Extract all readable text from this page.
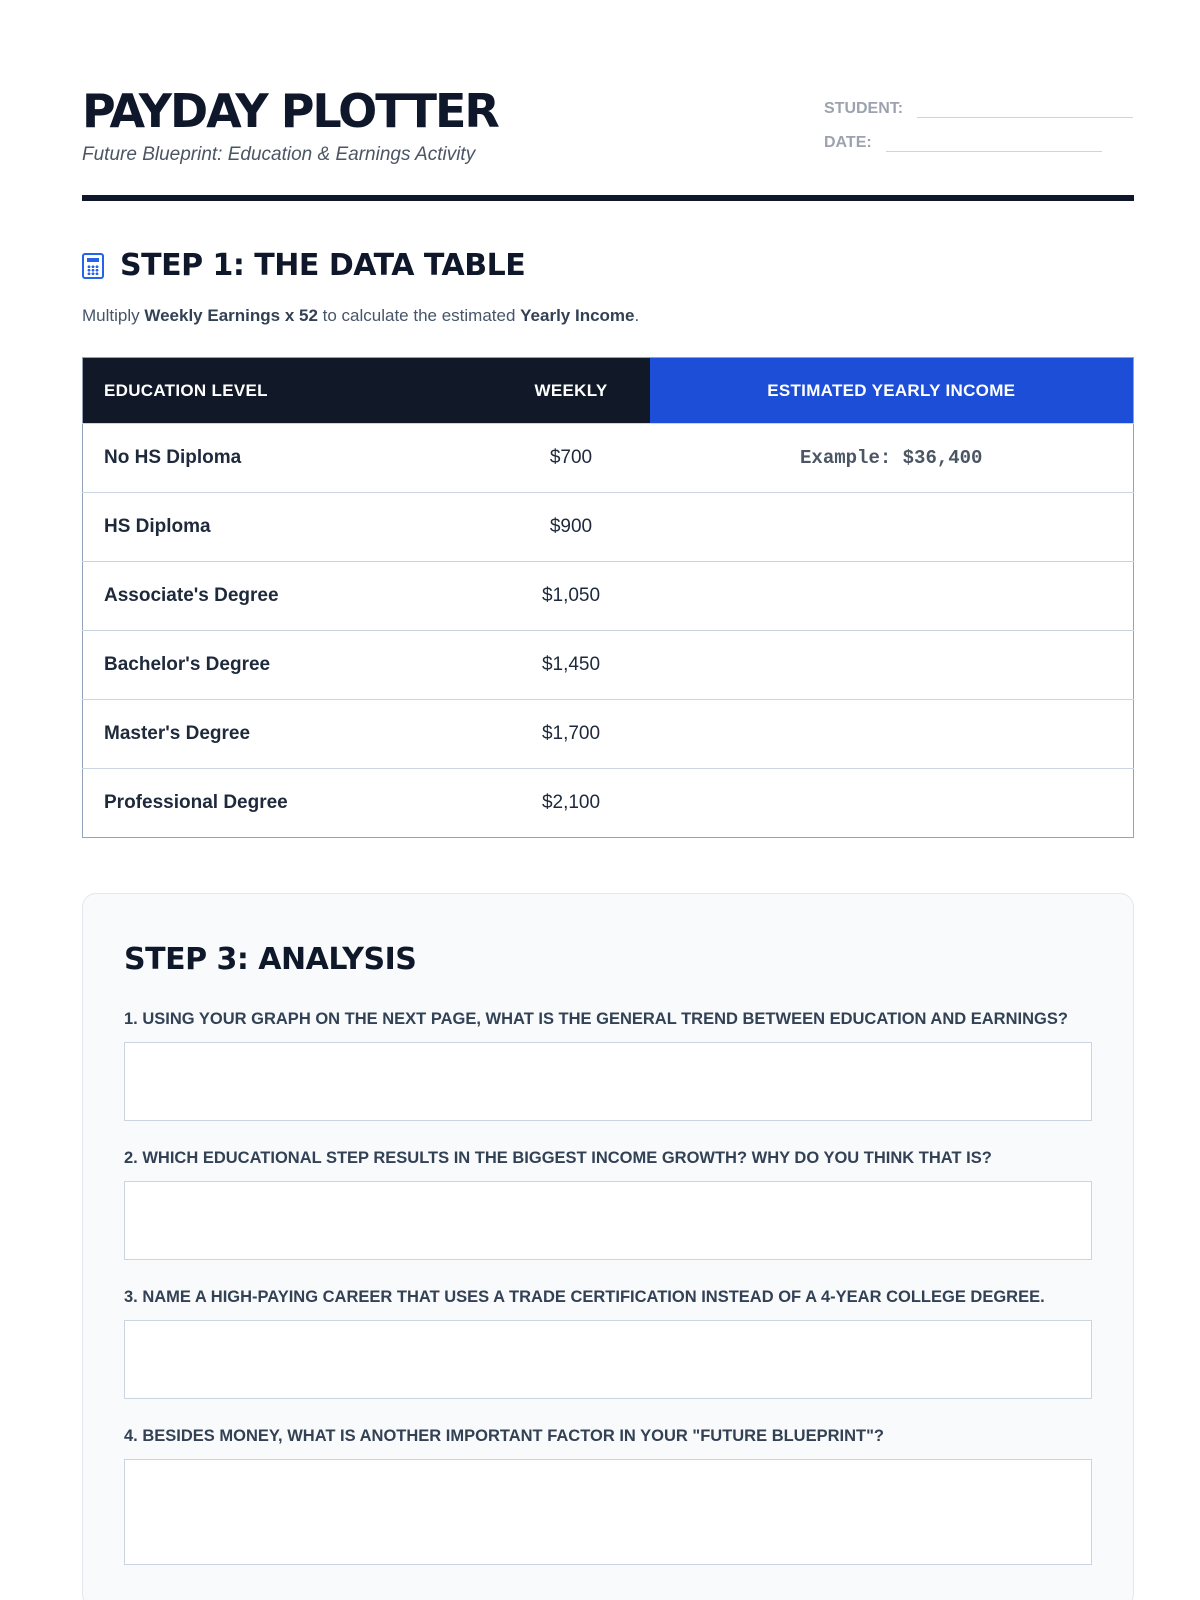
PAYDAY PLOTTER
Future Blueprint: Education & Earnings Activity
STUDENT:
DATE:
STEP 1: THE DATA TABLE

Multiply Weekly Earnings x 52 to calculate the estimated Yearly Income.

EDUCATION LEVEL	WEEKLY	ESTIMATED YEARLY INCOME
No HS Diploma	$700	Example: $36,400
HS Diploma	$900	
Associate's Degree	$1,050	
Bachelor's Degree	$1,450	
Master's Degree	$1,700	
Professional Degree	$2,100	
STEP 3: ANALYSIS
1. USING YOUR GRAPH ON THE NEXT PAGE, WHAT IS THE GENERAL TREND BETWEEN EDUCATION AND EARNINGS?
2. WHICH EDUCATIONAL STEP RESULTS IN THE BIGGEST INCOME GROWTH? WHY DO YOU THINK THAT IS?
3. NAME A HIGH-PAYING CAREER THAT USES A TRADE CERTIFICATION INSTEAD OF A 4-YEAR COLLEGE DEGREE.
4. BESIDES MONEY, WHAT IS ANOTHER IMPORTANT FACTOR IN YOUR "FUTURE BLUEPRINT"?
